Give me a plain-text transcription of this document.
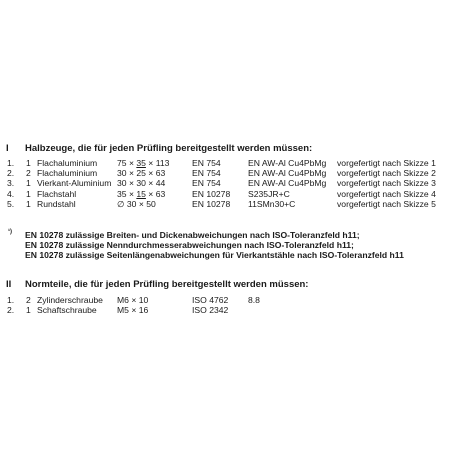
I Halbzeuge, die für jeden Prüfling bereitgestellt werden müssen:
1. 1 Flachaluminium 75 × 35 × 113	EN 754	EN AW-Al Cu4PbMg vorgefertigt nach Skizze 1
2. 2 Flachaluminium 30 × 25 × 63	EN 754	EN AW-Al Cu4PbMg vorgefertigt nach Skizze 2
3. 1 Vierkant-Aluminium 30 × 30 × 44	EN 754	EN AW-Al Cu4PbMg vorgefertigt nach Skizze 3
4. 1 Flachstahl	35 × 15 × 63	EN 10278 S235JR+C	vorgefertigt nach Skizze 4
5. 1 Rundstahl	∅ 30 × 50	EN 10278 11SMn30+C	vorgefertigt nach Skizze 5
¹) EN 10278 zulässige Breiten- und Dickenabweichungen nach ISO-Toleranzfeld h11;
EN 10278 zulässige Nenndurchmesserabweichungen nach ISO-Toleranzfeld h11;
EN 10278 zulässige Seitenlängenabweichungen für Vierkantstähle nach ISO-Toleranzfeld h11
II Normteile, die für jeden Prüfling bereitgestellt werden müssen:
1. 2 Zylinderschraube M6 × 10	ISO 4762 8.8
2. 1 Schaftschraube M5 × 16	ISO 2342
